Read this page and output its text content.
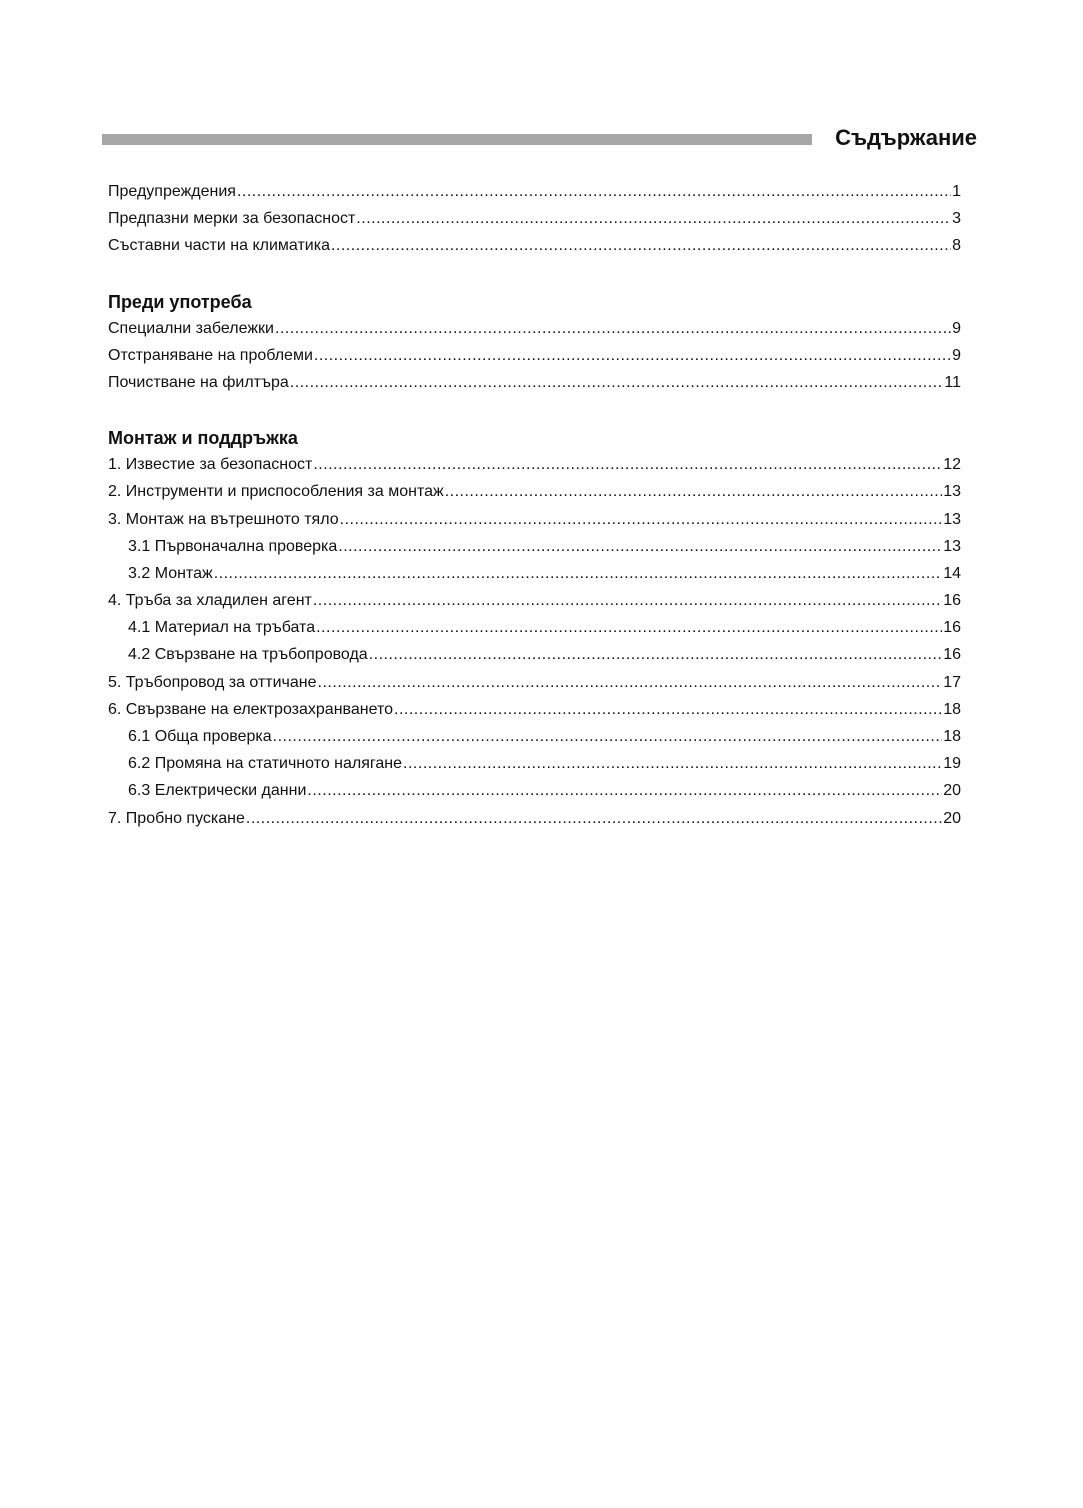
Съдържание
Предупреждения .....	1
Предпазни мерки за безопасност .....	3
Съставни части на климатика .....	8
Преди употреба
Специални забележки .....	9
Отстраняване на проблеми .....	9
Почистване на филтъра .....	11
Монтаж и поддръжка
1. Известие за безопасност .....	12
2. Инструменти и приспособления за монтаж .....	13
3. Монтаж на вътрешното тяло .....	13
3.1 Първоначална проверка .....	13
3.2 Монтаж .....	14
4. Тръба за хладилен агент .....	16
4.1 Материал на тръбата .....	16
4.2 Свързване на тръбопровода .....	16
5. Тръбопровод за оттичане .....	17
6. Свързване на електрозахранването .....	18
6.1 Обща проверка .....	18
6.2 Промяна на статичното налягане .....	19
6.3 Електрически данни .....	20
7. Пробно пускане .....	20
